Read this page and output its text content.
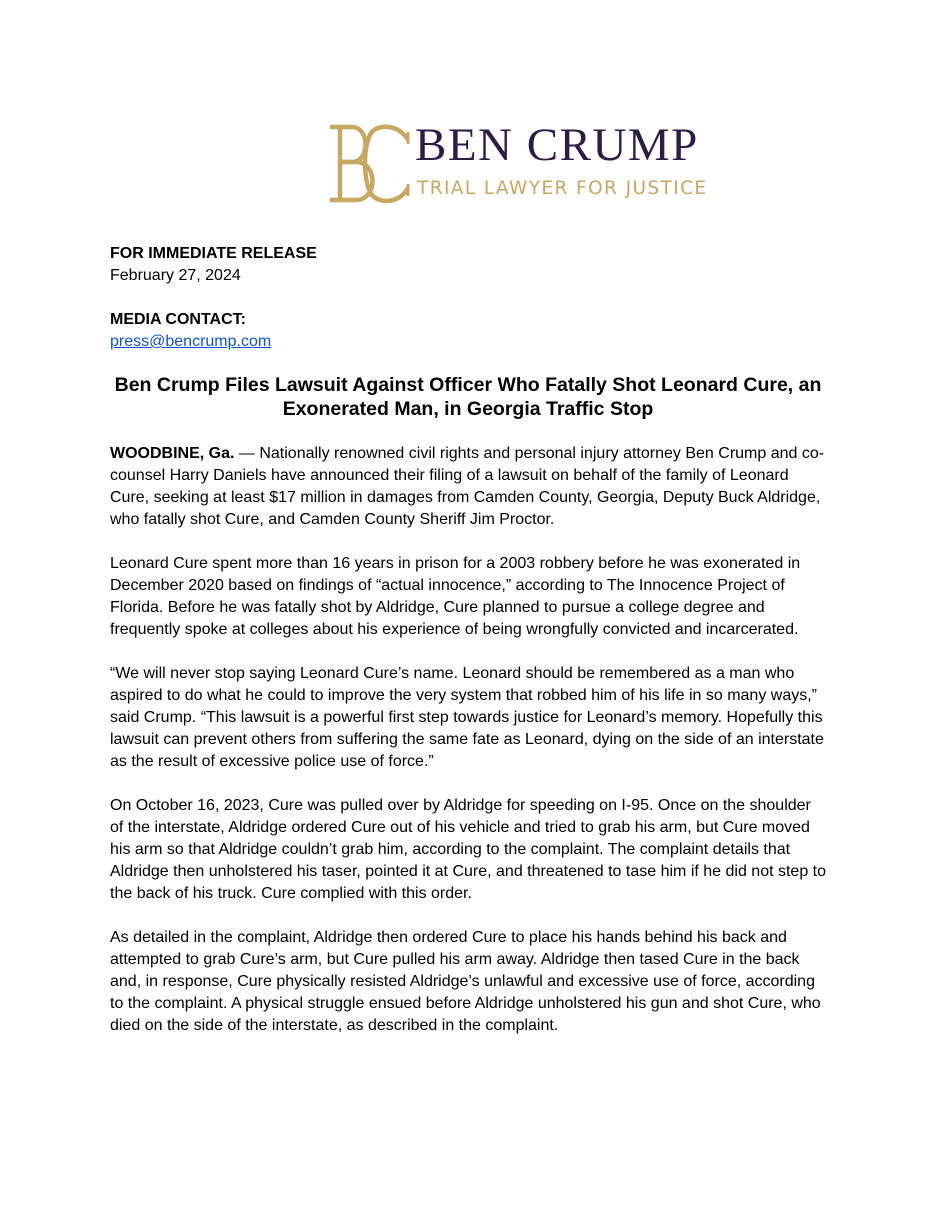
BEN CRUMP
TRIAL LAWYER FOR JUSTICE
FOR IMMEDIATE RELEASE
February 27, 2024
MEDIA CONTACT:
press@bencrump.com
Ben Crump Files Lawsuit Against Officer Who Fatally Shot Leonard Cure, an Exonerated Man, in Georgia Traffic Stop

WOODBINE, Ga. — Nationally renowned civil rights and personal injury attorney Ben Crump and co-counsel Harry Daniels have announced their filing of a lawsuit on behalf of the family of Leonard Cure, seeking at least $17 million in damages from Camden County, Georgia, Deputy Buck Aldridge, who fatally shot Cure, and Camden County Sheriff Jim Proctor.

Leonard Cure spent more than 16 years in prison for a 2003 robbery before he was exonerated in December 2020 based on findings of “actual innocence,” according to The Innocence Project of Florida. Before he was fatally shot by Aldridge, Cure planned to pursue a college degree and frequently spoke at colleges about his experience of being wrongfully convicted and incarcerated.

“We will never stop saying Leonard Cure’s name. Leonard should be remembered as a man who aspired to do what he could to improve the very system that robbed him of his life in so many ways,” said Crump. “This lawsuit is a powerful first step towards justice for Leonard’s memory. Hopefully this lawsuit can prevent others from suffering the same fate as Leonard, dying on the side of an interstate as the result of excessive police use of force.”

On October 16, 2023, Cure was pulled over by Aldridge for speeding on I-95. Once on the shoulder of the interstate, Aldridge ordered Cure out of his vehicle and tried to grab his arm, but Cure moved his arm so that Aldridge couldn’t grab him, according to the complaint. The complaint details that Aldridge then unholstered his taser, pointed it at Cure, and threatened to tase him if he did not step to the back of his truck. Cure complied with this order.

As detailed in the complaint, Aldridge then ordered Cure to place his hands behind his back and attempted to grab Cure’s arm, but Cure pulled his arm away. Aldridge then tased Cure in the back and, in response, Cure physically resisted Aldridge’s unlawful and excessive use of force, according to the complaint. A physical struggle ensued before Aldridge unholstered his gun and shot Cure, who died on the side of the interstate, as described in the complaint.
